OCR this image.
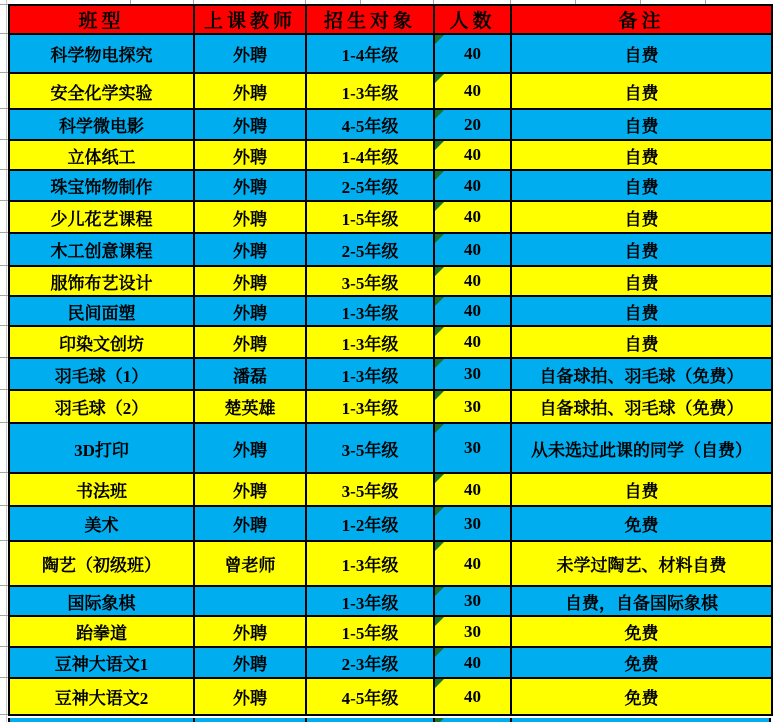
班型	上课教师	招生对象	人数	备注
科学物电探究	外聘	1-4年级	40	自费
安全化学实验	外聘	1-3年级	40	自费
科学微电影	外聘	4-5年级	20	自费
立体纸工	外聘	1-4年级	40	自费
珠宝饰物制作	外聘	2-5年级	40	自费
少儿花艺课程	外聘	1-5年级	40	自费
木工创意课程	外聘	2-5年级	40	自费
服饰布艺设计	外聘	3-5年级	40	自费
民间面塑	外聘	1-3年级	40	自费
印染文创坊	外聘	1-3年级	40	自费
羽毛球（1）	潘磊	1-3年级	30	自备球拍、羽毛球（免费）
羽毛球（2）	楚英雄	1-3年级	30	自备球拍、羽毛球（免费）
3D打印	外聘	3-5年级	30	从未选过此课的同学（自费）
书法班	外聘	3-5年级	40	自费
美术	外聘	1-2年级	30	免费
陶艺（初级班）	曾老师	1-3年级	40	未学过陶艺、材料自费
国际象棋		1-3年级	30	自费，自备国际象棋
跆拳道	外聘	1-5年级	30	免费
豆神大语文1	外聘	2-3年级	40	免费
豆神大语文2	外聘	4-5年级	40	免费
